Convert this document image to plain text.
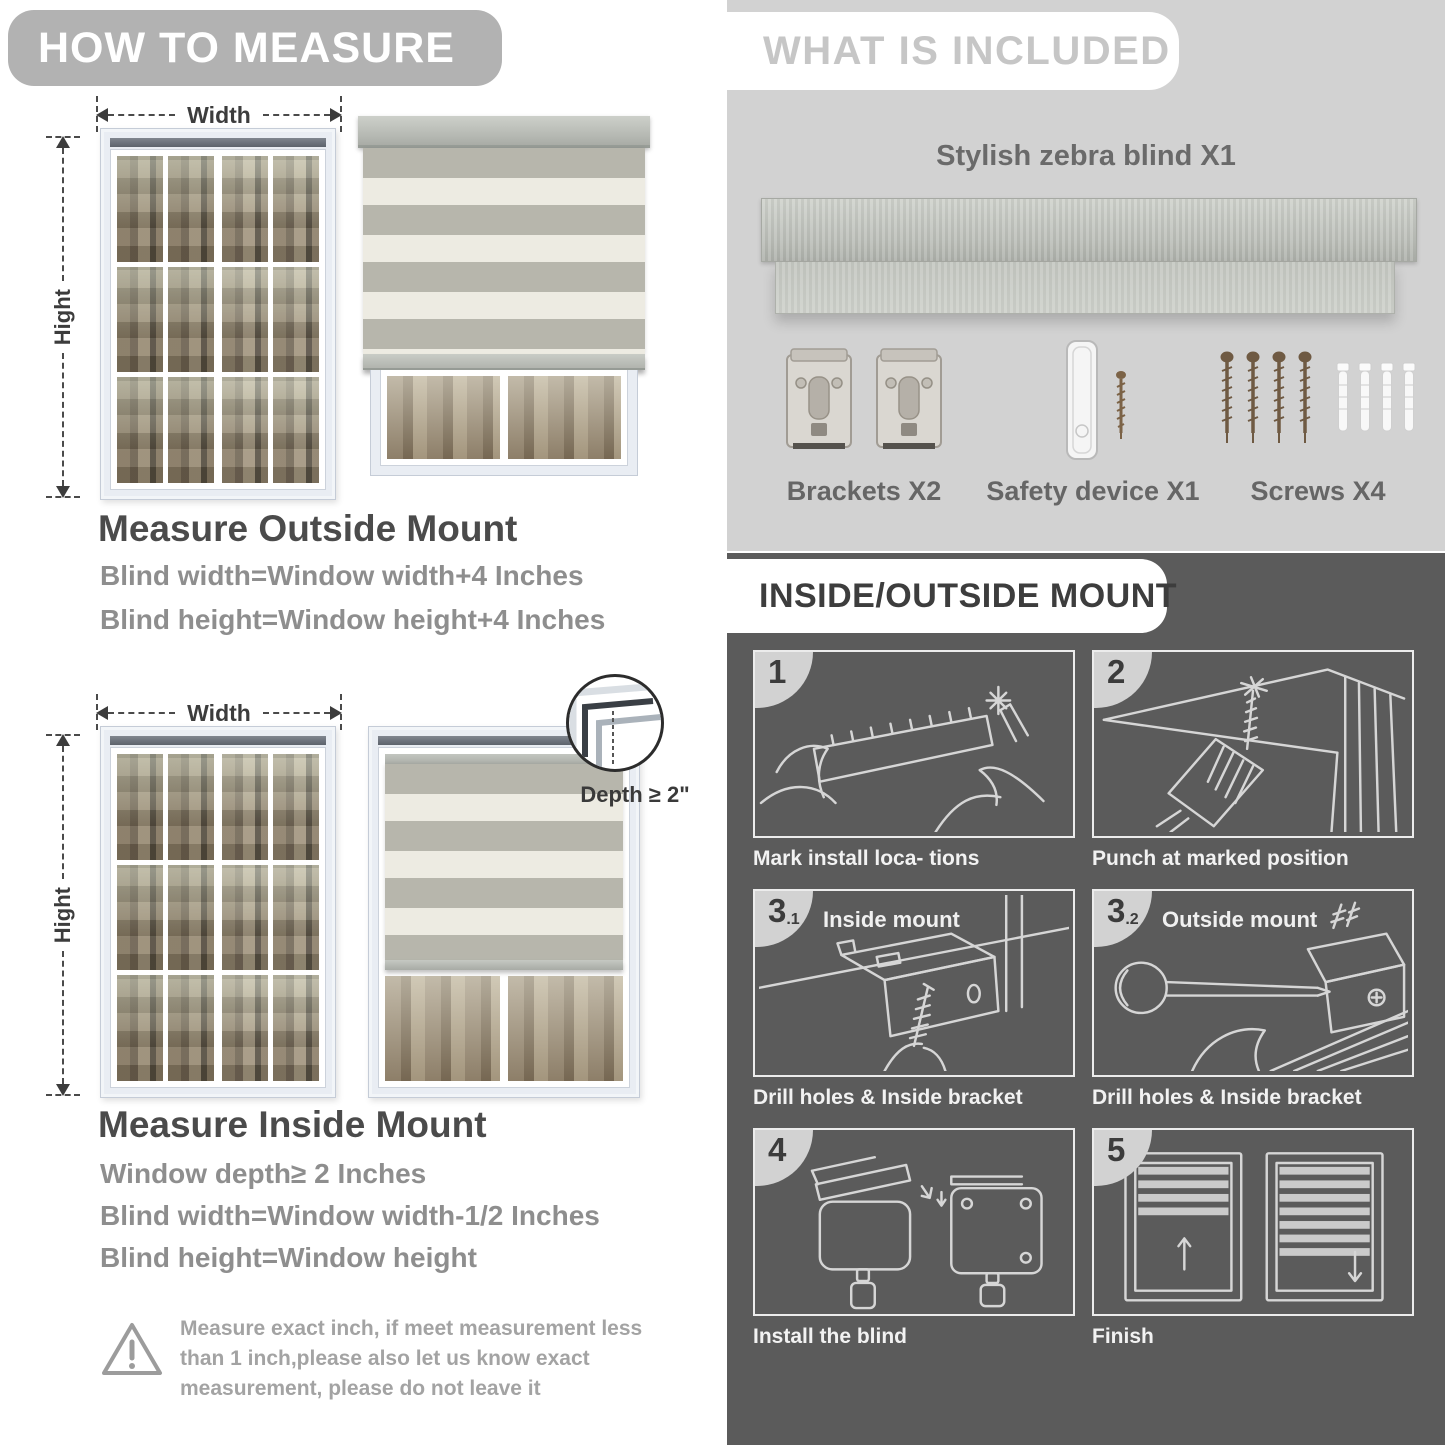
HOW TO MEASURE
Width
Hight
Measure Outside Mount
Blind width=Window width+4 Inches
Blind height=Window height+4 Inches
Width
Hight
Depth ≥ 2"
Measure Inside Mount
Window depth≥ 2 Inches
Blind width=Window width-1/2 Inches
Blind height=Window height
Measure exact inch, if meet measurement less than 1 inch,please also let us know exact measurement, please do not leave it
WHAT IS INCLUDED
Stylish zebra blind X1
Brackets X2 Safety device X1 Screws X4
INSIDE/OUTSIDE MOUNT
1
Mark install loca- tions
2
Punch at marked position
3.1	Inside mount
Drill holes & Inside bracket
3.2	Outside mount
Drill holes & Inside bracket
4
Install the blind
5
Finish
